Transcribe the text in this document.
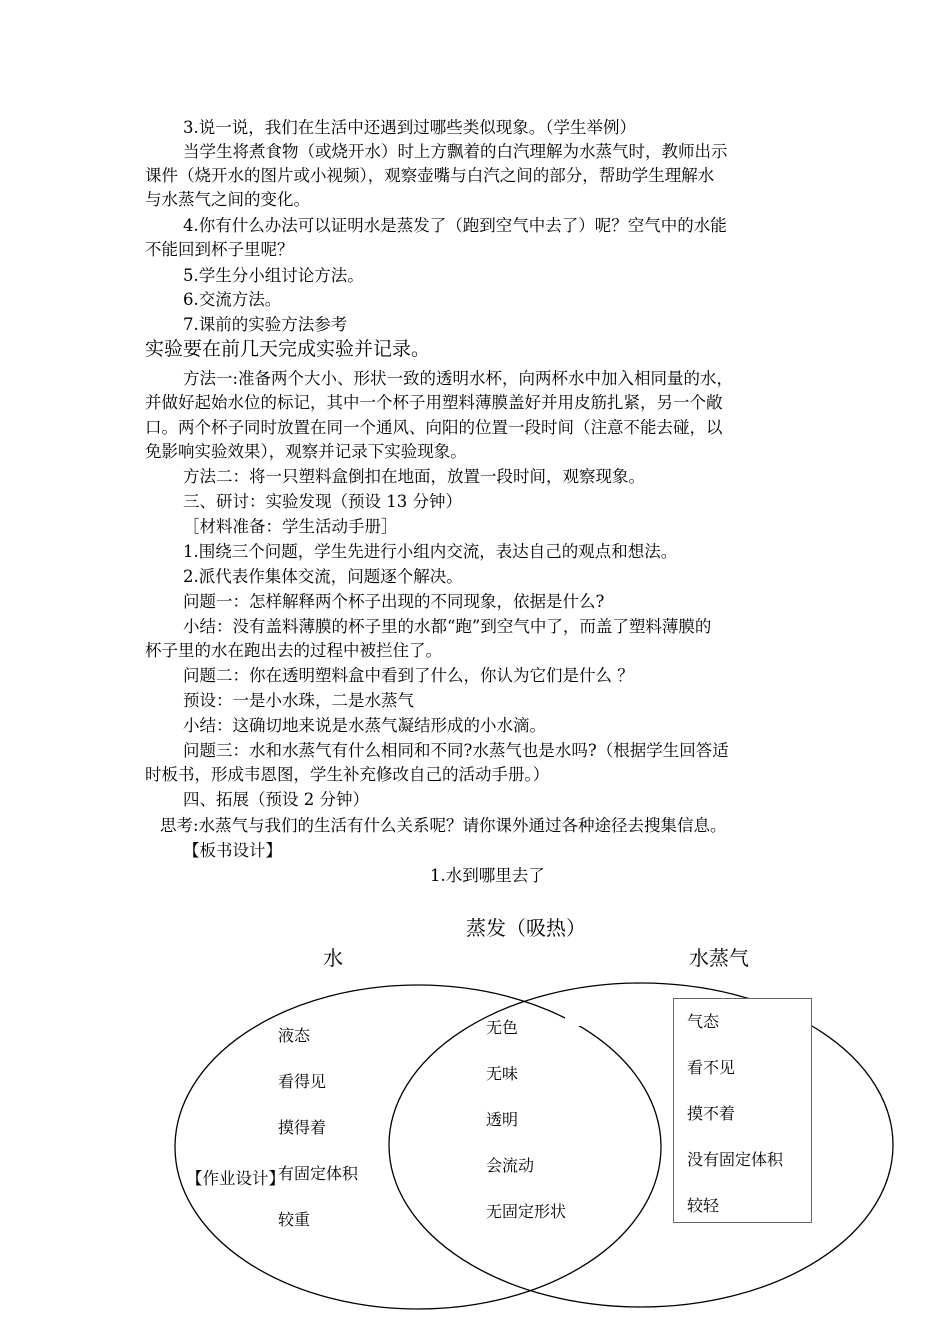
3.说一说，我们在生活中还遇到过哪些类似现象。（学生举例）
当学生将煮食物（或烧开水）时上方飘着的白汽理解为水蒸气时，教师出示
课件（烧开水的图片或小视频），观察壶嘴与白汽之间的部分，帮助学生理解水
与水蒸气之间的变化。
4.你有什么办法可以证明水是蒸发了（跑到空气中去了）呢？空气中的水能
不能回到杯子里呢？
5.学生分小组讨论方法。
6.交流方法。
7.课前的实验方法参考
实验要在前几天完成实验并记录。
方法一:准备两个大小、形状一致的透明水杯，向两杯水中加入相同量的水，
并做好起始水位的标记，其中一个杯子用塑料薄膜盖好并用皮筋扎紧，另一个敞
口。两个杯子同时放置在同一个通风、向阳的位置一段时间（注意不能去碰，以
免影响实验效果），观察并记录下实验现象。
方法二：将一只塑料盒倒扣在地面，放置一段时间，观察现象。
三、研讨：实验发现（预设 13 分钟）
［材料准备：学生活动手册］
1.围绕三个问题，学生先进行小组内交流，表达自己的观点和想法。
2.派代表作集体交流，问题逐个解决。
问题一：怎样解释两个杯子出现的不同现象，依据是什么?
小结：没有盖料薄膜的杯子里的水都“跑”到空气中了，而盖了塑料薄膜的
杯子里的水在跑出去的过程中被拦住了。
问题二：你在透明塑料盒中看到了什么，你认为它们是什么 ？
预设：一是小水珠，二是水蒸气
小结：这确切地来说是水蒸气凝结形成的小水滴。
问题三：水和水蒸气有什么相同和不同?水蒸气也是水吗?（根据学生回答适
时板书，形成韦恩图，学生补充修改自己的活动手册。）
四、拓展（预设 2 分钟）
思考:水蒸气与我们的生活有什么关系呢？请你课外通过各种途径去搜集信息。
【板书设计】
1.水到哪里去了
蒸发（吸热）
水	水蒸气
液态
看得见
摸得着
有固定体积
较重
无色
无味
透明
会流动
无固定形状
气态
看不见
摸不着
没有固定体积
较轻
【作业设计】
